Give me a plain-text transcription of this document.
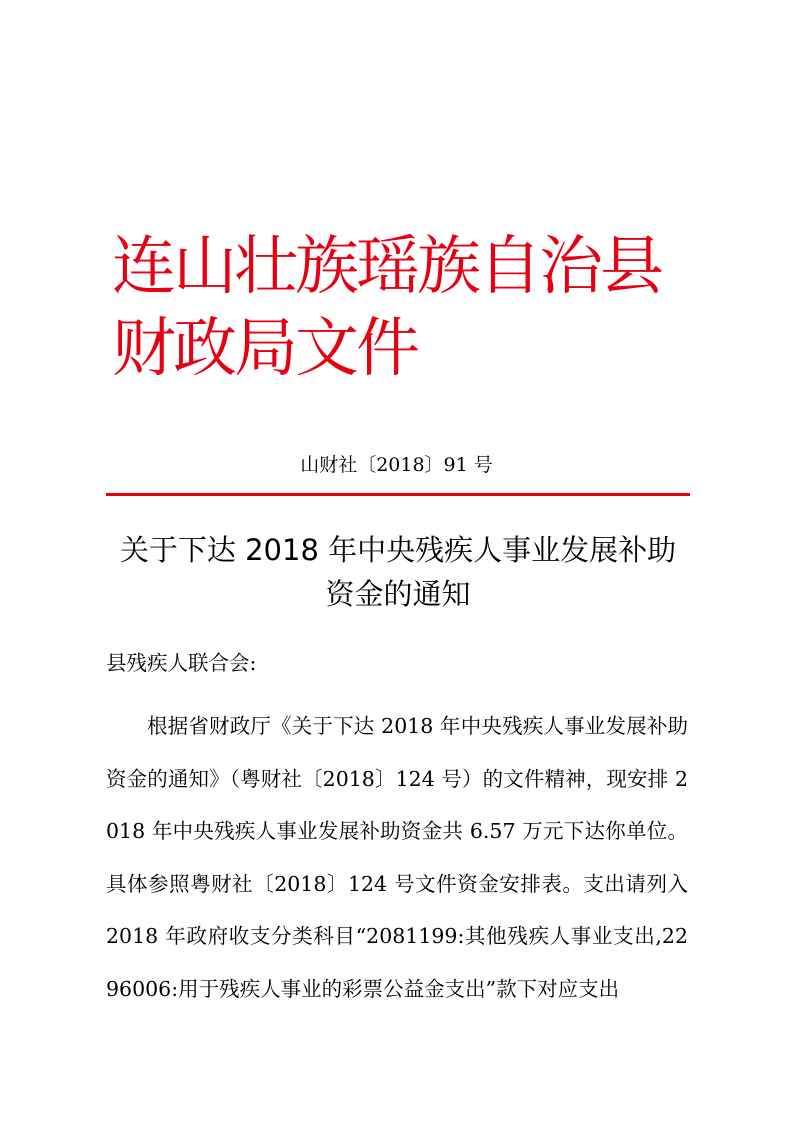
连山壮族瑶族自治县财政局文件
山财社〔2018〕91 号
关于下达 2018 年中央残疾人事业发展补助
资金的通知
县残疾人联合会:
根据省财政厅《关于下达 2018 年中央残疾人事业发展补助资金的通知》（粤财社〔2018〕124 号）的文件精神，现安排 2018 年中央残疾人事业发展补助资金共 6.57 万元下达你单位。具体参照粤财社〔2018〕124 号文件资金安排表。支出请列入 2018 年政府收支分类科目“2081199:其他残疾人事业支出,2296006:用于残疾人事业的彩票公益金支出”款下对应支出
